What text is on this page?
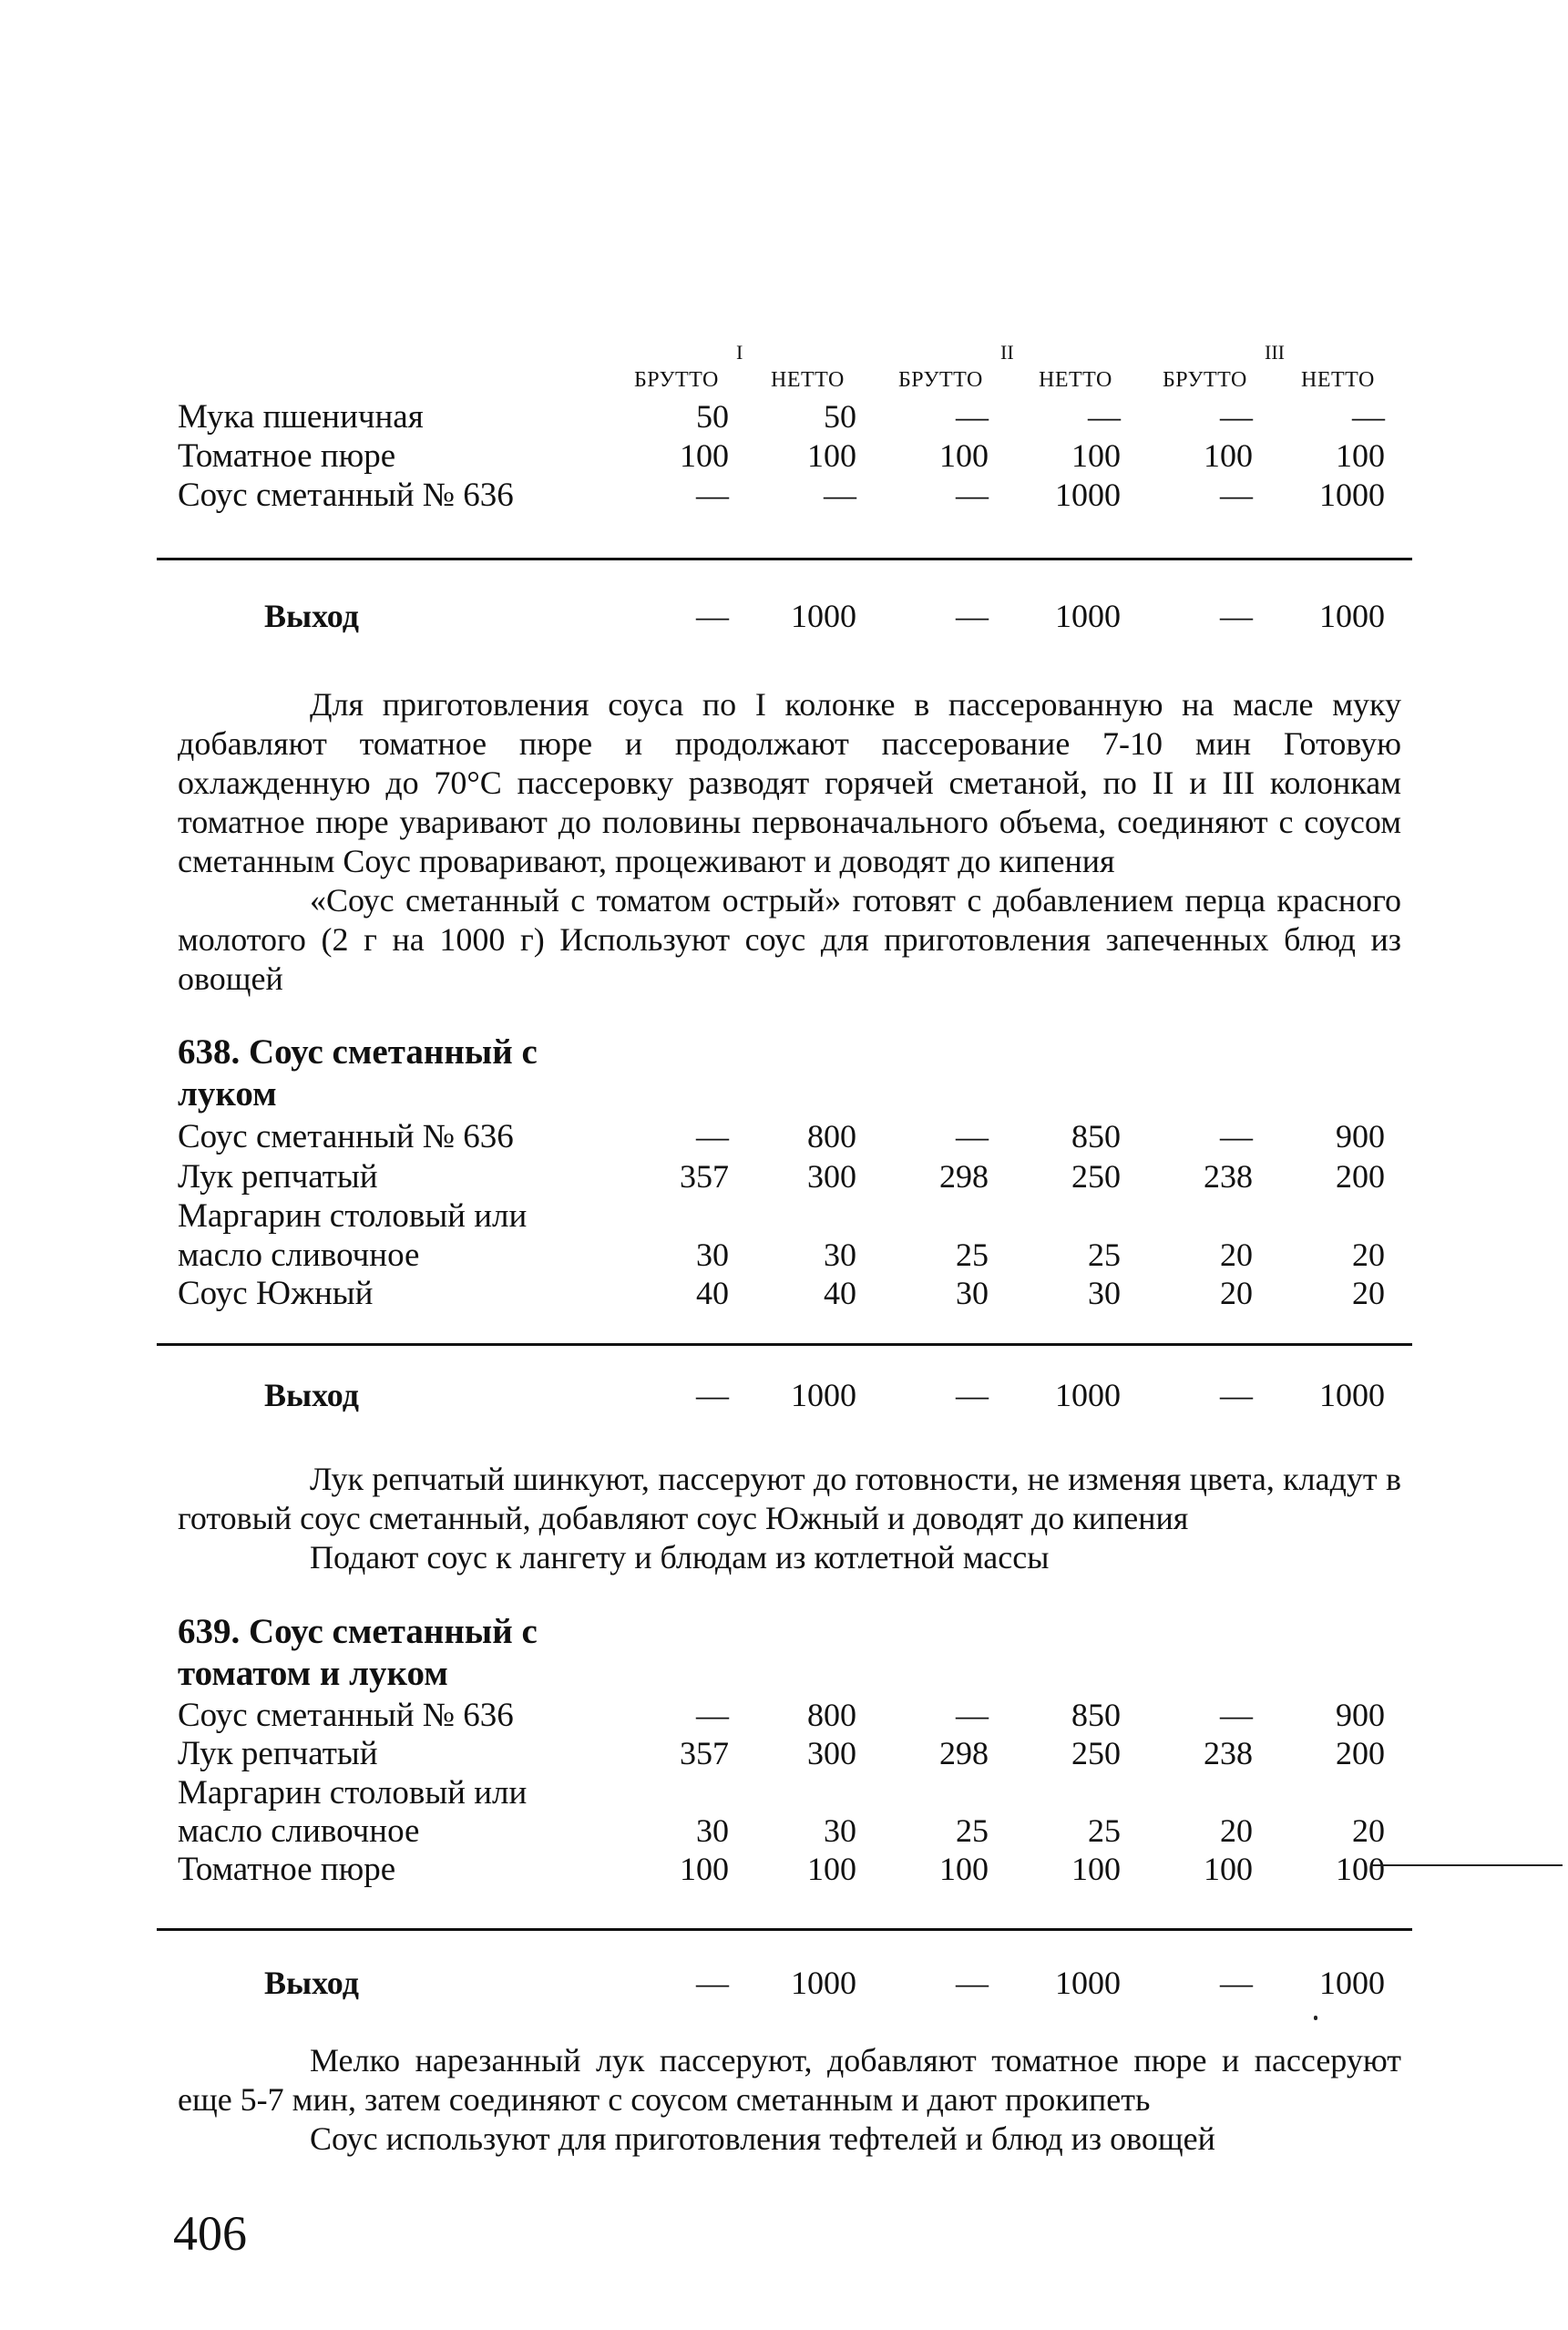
I	II	III
БРУТТО НЕТТО БРУТТО	НЕТТО БРУТТО НЕТТО
Мука пшеничная	50	50	—	—	—	—
Томатное пюре	100	100	100	100	100	100
Соус сметанный № 636	—	—	—	1000	—	1000
Выход	—	1000	—	1000	—	1000

Для приготовления соуса по I колонке в пассерованную на масле муку добавляют томатное пюре и продолжают пассерование 7-10 мин Готовую охлажденную до 70°С пассеровку разводят горячей сметаной, по II и III колонкам томатное пюре уваривают до половины первоначального объема, соединяют с соусом сметанным Соус проваривают, процеживают и доводят до кипения

«Соус сметанный с томатом острый» готовят с добавлением перца красного молотого (2 г на 1000 г) Используют соус для приготовления запеченных блюд из овощей

638. Соус сметанный с
луком
Соус сметанный № 636	—	800	—	850	—	900
Лук репчатый	357	300	298	250	238	200
Маргарин столовый или
масло сливочное	30	30	25	25	20	20
Соус Южный	40	40	30	30	20	20
Выход	—	1000	—	1000	—	1000

Лук репчатый шинкуют, пассеруют до готовности, не изменяя цвета, кладут в готовый соус сметанный, добавляют соус Южный и доводят до кипения

Подают соус к лангету и блюдам из котлетной массы

639. Соус сметанный с
томатом и луком
Соус сметанный № 636	—	800	—	850	—	900
Лук репчатый	357	300	298	250	238	200
Маргарин столовый или
масло сливочное	30	30	25	25	20	20
Томатное пюре	100	100	100	100	100	100
Выход	—	1000	—	1000	—	1000

Мелко нарезанный лук пассеруют, добавляют томатное пюре и пассеруют еще 5-7 мин, затем соединяют с соусом сметанным и дают прокипеть

Соус используют для приготовления тефтелей и блюд из овощей

406
